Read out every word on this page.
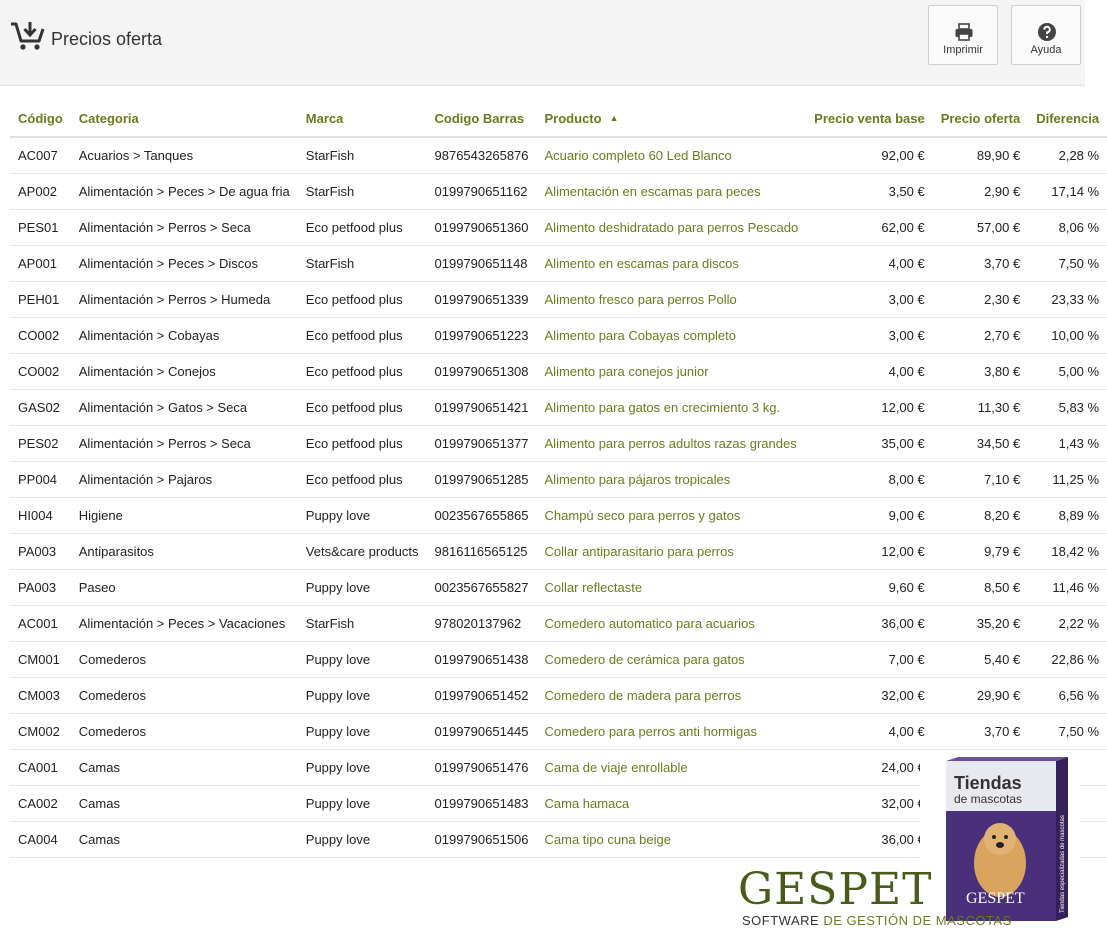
Precios oferta
Imprimir	Ayuda
Código	Categoria	Marca	Codigo Barras	Producto ▲	Precio venta base	Precio oferta	Diferencia
AC007	Acuarios > Tanques	StarFish	9876543265876	Acuario completo 60 Led Blanco	92,00 €	89,90 €	2,28 %
AP002	Alimentación > Peces > De agua fria	StarFish	0199790651162	Alimentación en escamas para peces	3,50 €	2,90 €	17,14 %
PES01	Alimentación > Perros > Seca	Eco petfood plus	0199790651360	Alimento deshidratado para perros Pescado	62,00 €	57,00 €	8,06 %
AP001	Alimentación > Peces > Discos	StarFish	0199790651148	Alimento en escamas para discos	4,00 €	3,70 €	7,50 %
PEH01	Alimentación > Perros > Humeda	Eco petfood plus	0199790651339	Alimento fresco para perros Pollo	3,00 €	2,30 €	23,33 %
CO002	Alimentación > Cobayas	Eco petfood plus	0199790651223	Alimento para Cobayas completo	3,00 €	2,70 €	10,00 %
CO002	Alimentación > Conejos	Eco petfood plus	0199790651308	Alimento para conejos junior	4,00 €	3,80 €	5,00 %
GAS02	Alimentación > Gatos > Seca	Eco petfood plus	0199790651421	Alimento para gatos en crecimiento 3 kg.	12,00 €	11,30 €	5,83 %
PES02	Alimentación > Perros > Seca	Eco petfood plus	0199790651377	Alimento para perros adultos razas grandes	35,00 €	34,50 €	1,43 %
PP004	Alimentación > Pajaros	Eco petfood plus	0199790651285	Alimento para pájaros tropicales	8,00 €	7,10 €	11,25 %
HI004	Higiene	Puppy love	0023567655865	Champú seco para perros y gatos	9,00 €	8,20 €	8,89 %
PA003	Antiparasitos	Vets&care products	9816116565125	Collar antiparasitario para perros	12,00 €	9,79 €	18,42 %
PA003	Paseo	Puppy love	0023567655827	Collar reflectaste	9,60 €	8,50 €	11,46 %
AC001	Alimentación > Peces > Vacaciones	StarFish	978020137962	Comedero automatico para acuarios	36,00 €	35,20 €	2,22 %
CM001	Comederos	Puppy love	0199790651438	Comedero de cerámica para gatos	7,00 €	5,40 €	22,86 %
CM003	Comederos	Puppy love	0199790651452	Comedero de madera para perros	32,00 €	29,90 €	6,56 %
CM002	Comederos	Puppy love	0199790651445	Comedero para perros anti hormigas	4,00 €	3,70 €	7,50 %
CA001	Camas	Puppy love	0199790651476	Cama de viaje enrollable	24,00 €		
CA002	Camas	Puppy love	0199790651483	Cama hamaca	32,00 €		
CA004	Camas	Puppy love	0199790651506	Cama tipo cuna beige	36,00 €		
Tiendas
de mascotas
GESPET	Tiendas especializadas de mascotas
GESPET
SOFTWARE DE GESTIÓN DE MASCOTAS
